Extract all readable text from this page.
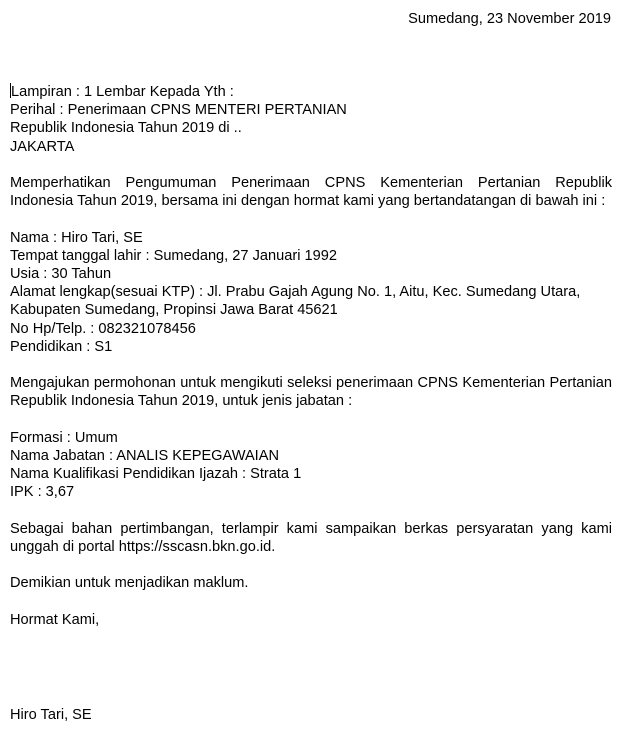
Sumedang, 23 November 2019
Lampiran : 1 Lembar Kepada Yth :
Perihal : Penerimaan CPNS MENTERI PERTANIAN
Republik Indonesia Tahun 2019 di ..
JAKARTA
Memperhatikan Pengumuman Penerimaan CPNS Kementerian Pertanian Republik Indonesia Tahun 2019, bersama ini dengan hormat kami yang bertandatangan di bawah ini :
Nama : Hiro Tari, SE
Tempat tanggal lahir : Sumedang, 27 Januari 1992
Usia : 30 Tahun
Alamat lengkap(sesuai KTP) : Jl. Prabu Gajah Agung No. 1, Aitu, Kec. Sumedang Utara,
Kabupaten Sumedang, Propinsi Jawa Barat 45621
No Hp/Telp. : 082321078456
Pendidikan : S1
Mengajukan permohonan untuk mengikuti seleksi penerimaan CPNS Kementerian Pertanian Republik Indonesia Tahun 2019, untuk jenis jabatan :
Formasi : Umum
Nama Jabatan : ANALIS KEPEGAWAIAN
Nama Kualifikasi Pendidikan Ijazah : Strata 1
IPK : 3,67
Sebagai bahan pertimbangan, terlampir kami sampaikan berkas persyaratan yang kami unggah di portal https://sscasn.bkn.go.id.
Demikian untuk menjadikan maklum.
Hormat Kami,
Hiro Tari, SE
